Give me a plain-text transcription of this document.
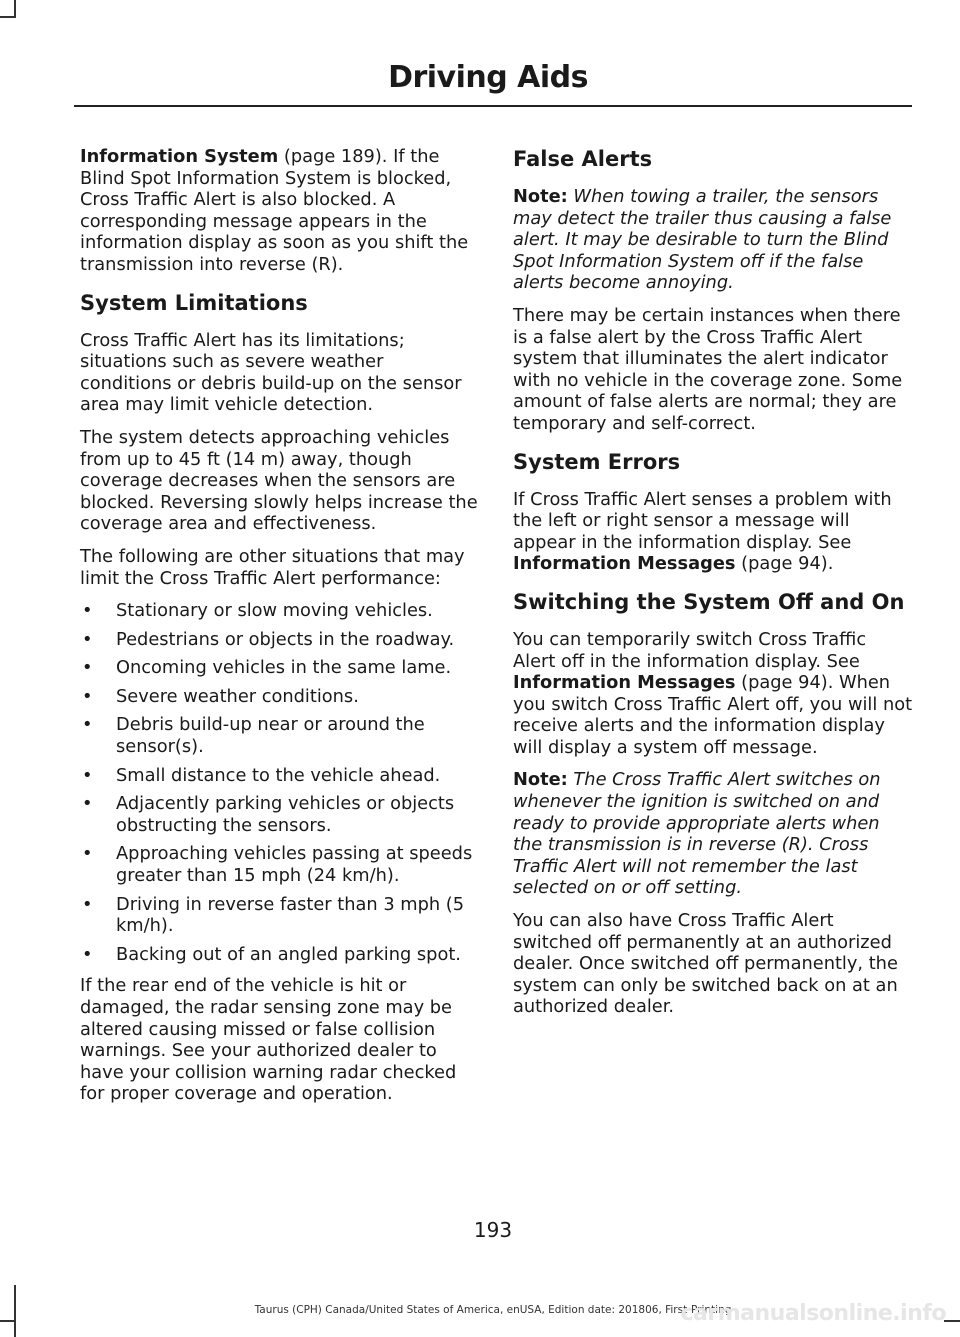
Driving Aids

Information System (page 189). If the Blind Spot Information System is blocked, Cross Traffic Alert is also blocked. A corresponding message appears in the information display as soon as you shift the transmission into reverse (R).

System Limitations

Cross Traffic Alert has its limitations; situations such as severe weather conditions or debris build-up on the sensor area may limit vehicle detection.

The system detects approaching vehicles from up to 45 ft (14 m) away, though coverage decreases when the sensors are blocked. Reversing slowly helps increase the coverage area and effectiveness.

The following are other situations that may limit the Cross Traffic Alert performance:

• Stationary or slow moving vehicles.
• Pedestrians or objects in the roadway.
• Oncoming vehicles in the same lame.
• Severe weather conditions.
• Debris build-up near or around the sensor(s).
• Small distance to the vehicle ahead.
• Adjacently parking vehicles or objects obstructing the sensors.
• Approaching vehicles passing at speeds greater than 15 mph (24 km/h).
• Driving in reverse faster than 3 mph (5 km/h).
• Backing out of an angled parking spot.

If the rear end of the vehicle is hit or damaged, the radar sensing zone may be altered causing missed or false collision warnings. See your authorized dealer to have your collision warning radar checked for proper coverage and operation.

False Alerts

Note: When towing a trailer, the sensors may detect the trailer thus causing a false alert. It may be desirable to turn the Blind Spot Information System off if the false alerts become annoying.

There may be certain instances when there is a false alert by the Cross Traffic Alert system that illuminates the alert indicator with no vehicle in the coverage zone. Some amount of false alerts are normal; they are temporary and self-correct.

System Errors

If Cross Traffic Alert senses a problem with the left or right sensor a message will appear in the information display. See Information Messages (page 94).

Switching the System Off and On

You can temporarily switch Cross Traffic Alert off in the information display. See Information Messages (page 94). When you switch Cross Traffic Alert off, you will not receive alerts and the information display will display a system off message.

Note: The Cross Traffic Alert switches on whenever the ignition is switched on and ready to provide appropriate alerts when the transmission is in reverse (R). Cross Traffic Alert will not remember the last selected on or off setting.

You can also have Cross Traffic Alert switched off permanently at an authorized dealer. Once switched off permanently, the system can only be switched back on at an authorized dealer.

193
Taurus (CPH) Canada/United States of America, enUSA, Edition date: 201806, First-Printing
carmanualsonline.info
